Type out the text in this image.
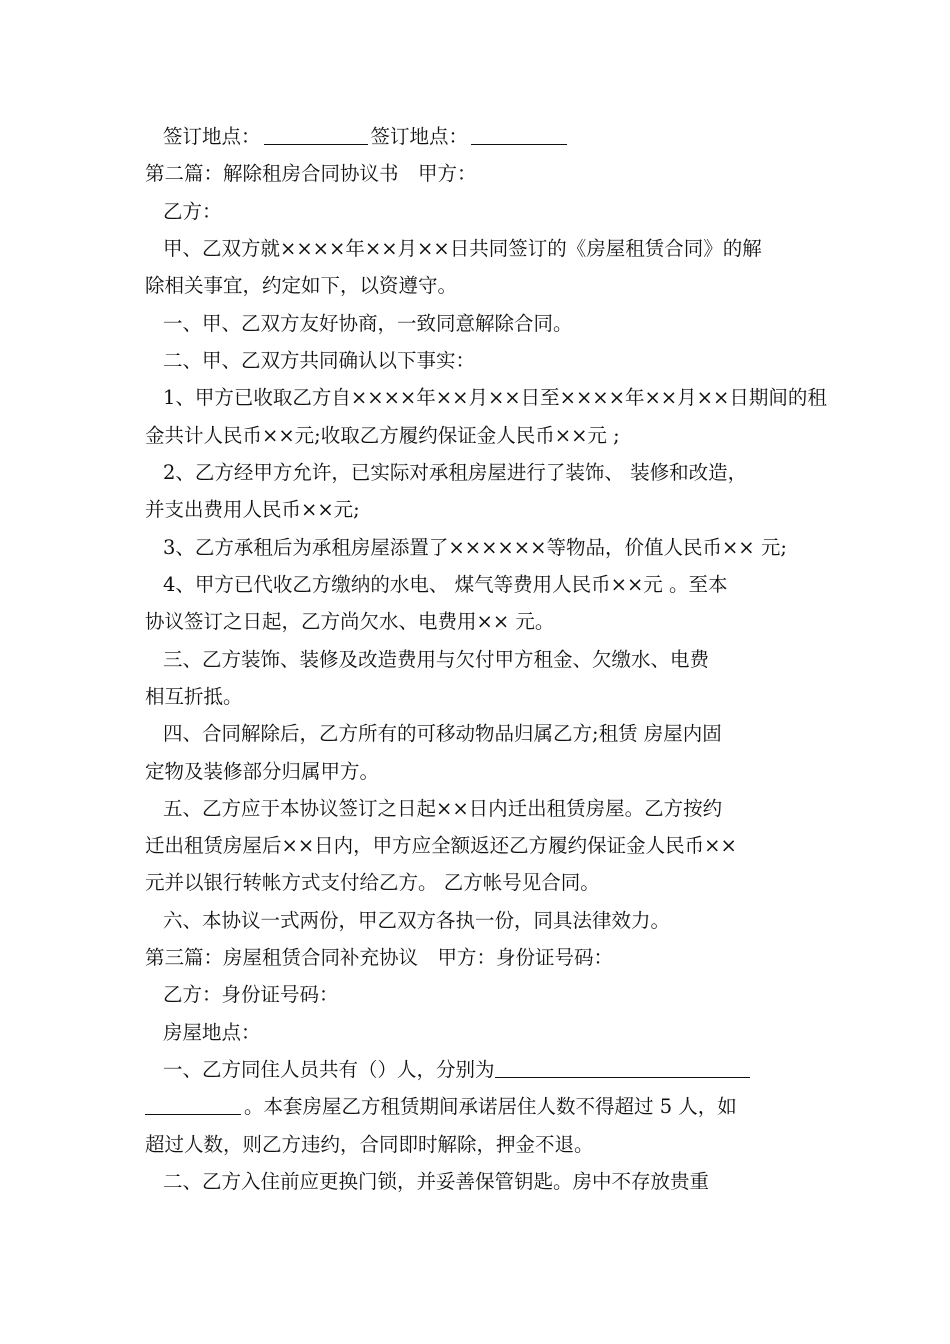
签订地点：	签订地点：
第二篇：解除租房合同协议书　甲方：
乙方：
甲、乙双方就××××年××月××日共同签订的《房屋租赁合同》的解
除相关事宜，约定如下，以资遵守。
一、甲、乙双方友好协商，一致同意解除合同。
二、甲、乙双方共同确认以下事实：
1、甲方已收取乙方自××××年××月××日至××××年××月××日期间的租
金共计人民币××元;收取乙方履约保证金人民币××元 ;
2、乙方经甲方允许，已实际对承租房屋进行了装饰、 装修和改造，
并支出费用人民币××元;
3、乙方承租后为承租房屋添置了××××××等物品，价值人民币×× 元;
4、甲方已代收乙方缴纳的水电、 煤气等费用人民币××元 。至本
协议签订之日起，乙方尚欠水、电费用×× 元。
三、乙方装饰、装修及改造费用与欠付甲方租金、欠缴水、电费
相互折抵。
四、合同解除后，乙方所有的可移动物品归属乙方;租赁 房屋内固
定物及装修部分归属甲方。
五、乙方应于本协议签订之日起××日内迁出租赁房屋。乙方按约
迁出租赁房屋后××日内，甲方应全额返还乙方履约保证金人民币××
元并以银行转帐方式支付给乙方。 乙方帐号见合同。
六、本协议一式两份，甲乙双方各执一份，同具法律效力。
第三篇：房屋租赁合同补充协议　甲方：身份证号码：
乙方：身份证号码：
房屋地点：
一、乙方同住人员共有（）人，分别为
。本套房屋乙方租赁期间承诺居住人数不得超过 5 人，如
超过人数，则乙方违约，合同即时解除，押金不退。
二、乙方入住前应更换门锁，并妥善保管钥匙。房中不存放贵重
